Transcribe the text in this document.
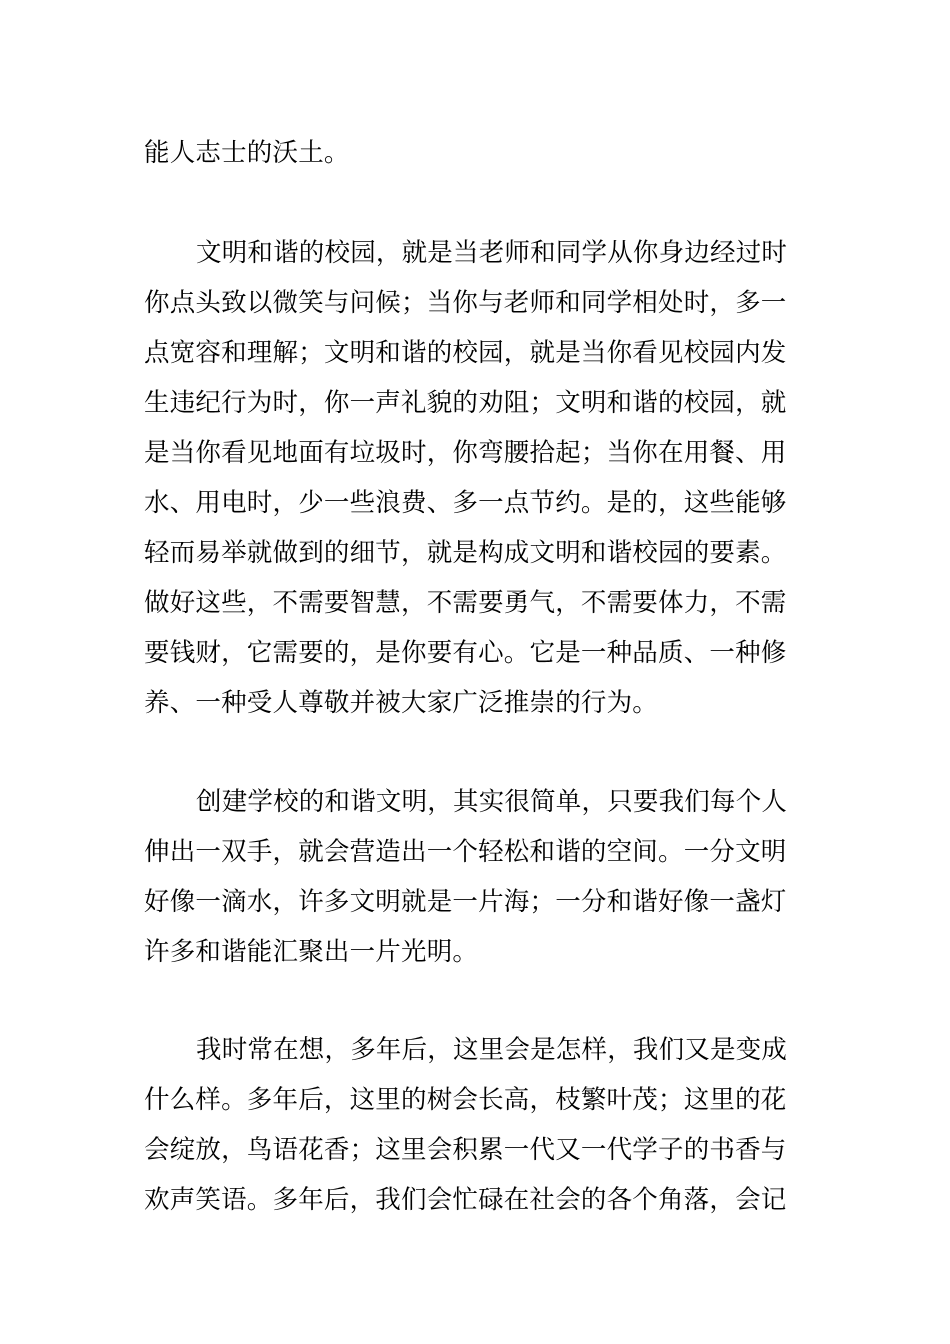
能人志士的沃土。
文明和谐的校园，就是当老师和同学从你身边经过时
你点头致以微笑与问候；当你与老师和同学相处时，多一
点宽容和理解；文明和谐的校园，就是当你看见校园内发
生违纪行为时，你一声礼貌的劝阻；文明和谐的校园，就
是当你看见地面有垃圾时，你弯腰拾起；当你在用餐、用
水、用电时，少一些浪费、多一点节约。是的，这些能够
轻而易举就做到的细节，就是构成文明和谐校园的要素。
做好这些，不需要智慧，不需要勇气，不需要体力，不需
要钱财，它需要的，是你要有心。它是一种品质、一种修
养、一种受人尊敬并被大家广泛推崇的行为。
创建学校的和谐文明，其实很简单，只要我们每个人
伸出一双手，就会营造出一个轻松和谐的空间。一分文明
好像一滴水，许多文明就是一片海；一分和谐好像一盏灯
许多和谐能汇聚出一片光明。
我时常在想，多年后，这里会是怎样，我们又是变成
什么样。多年后，这里的树会长高，枝繁叶茂；这里的花
会绽放，鸟语花香；这里会积累一代又一代学子的书香与
欢声笑语。多年后，我们会忙碌在社会的各个角落，会记
